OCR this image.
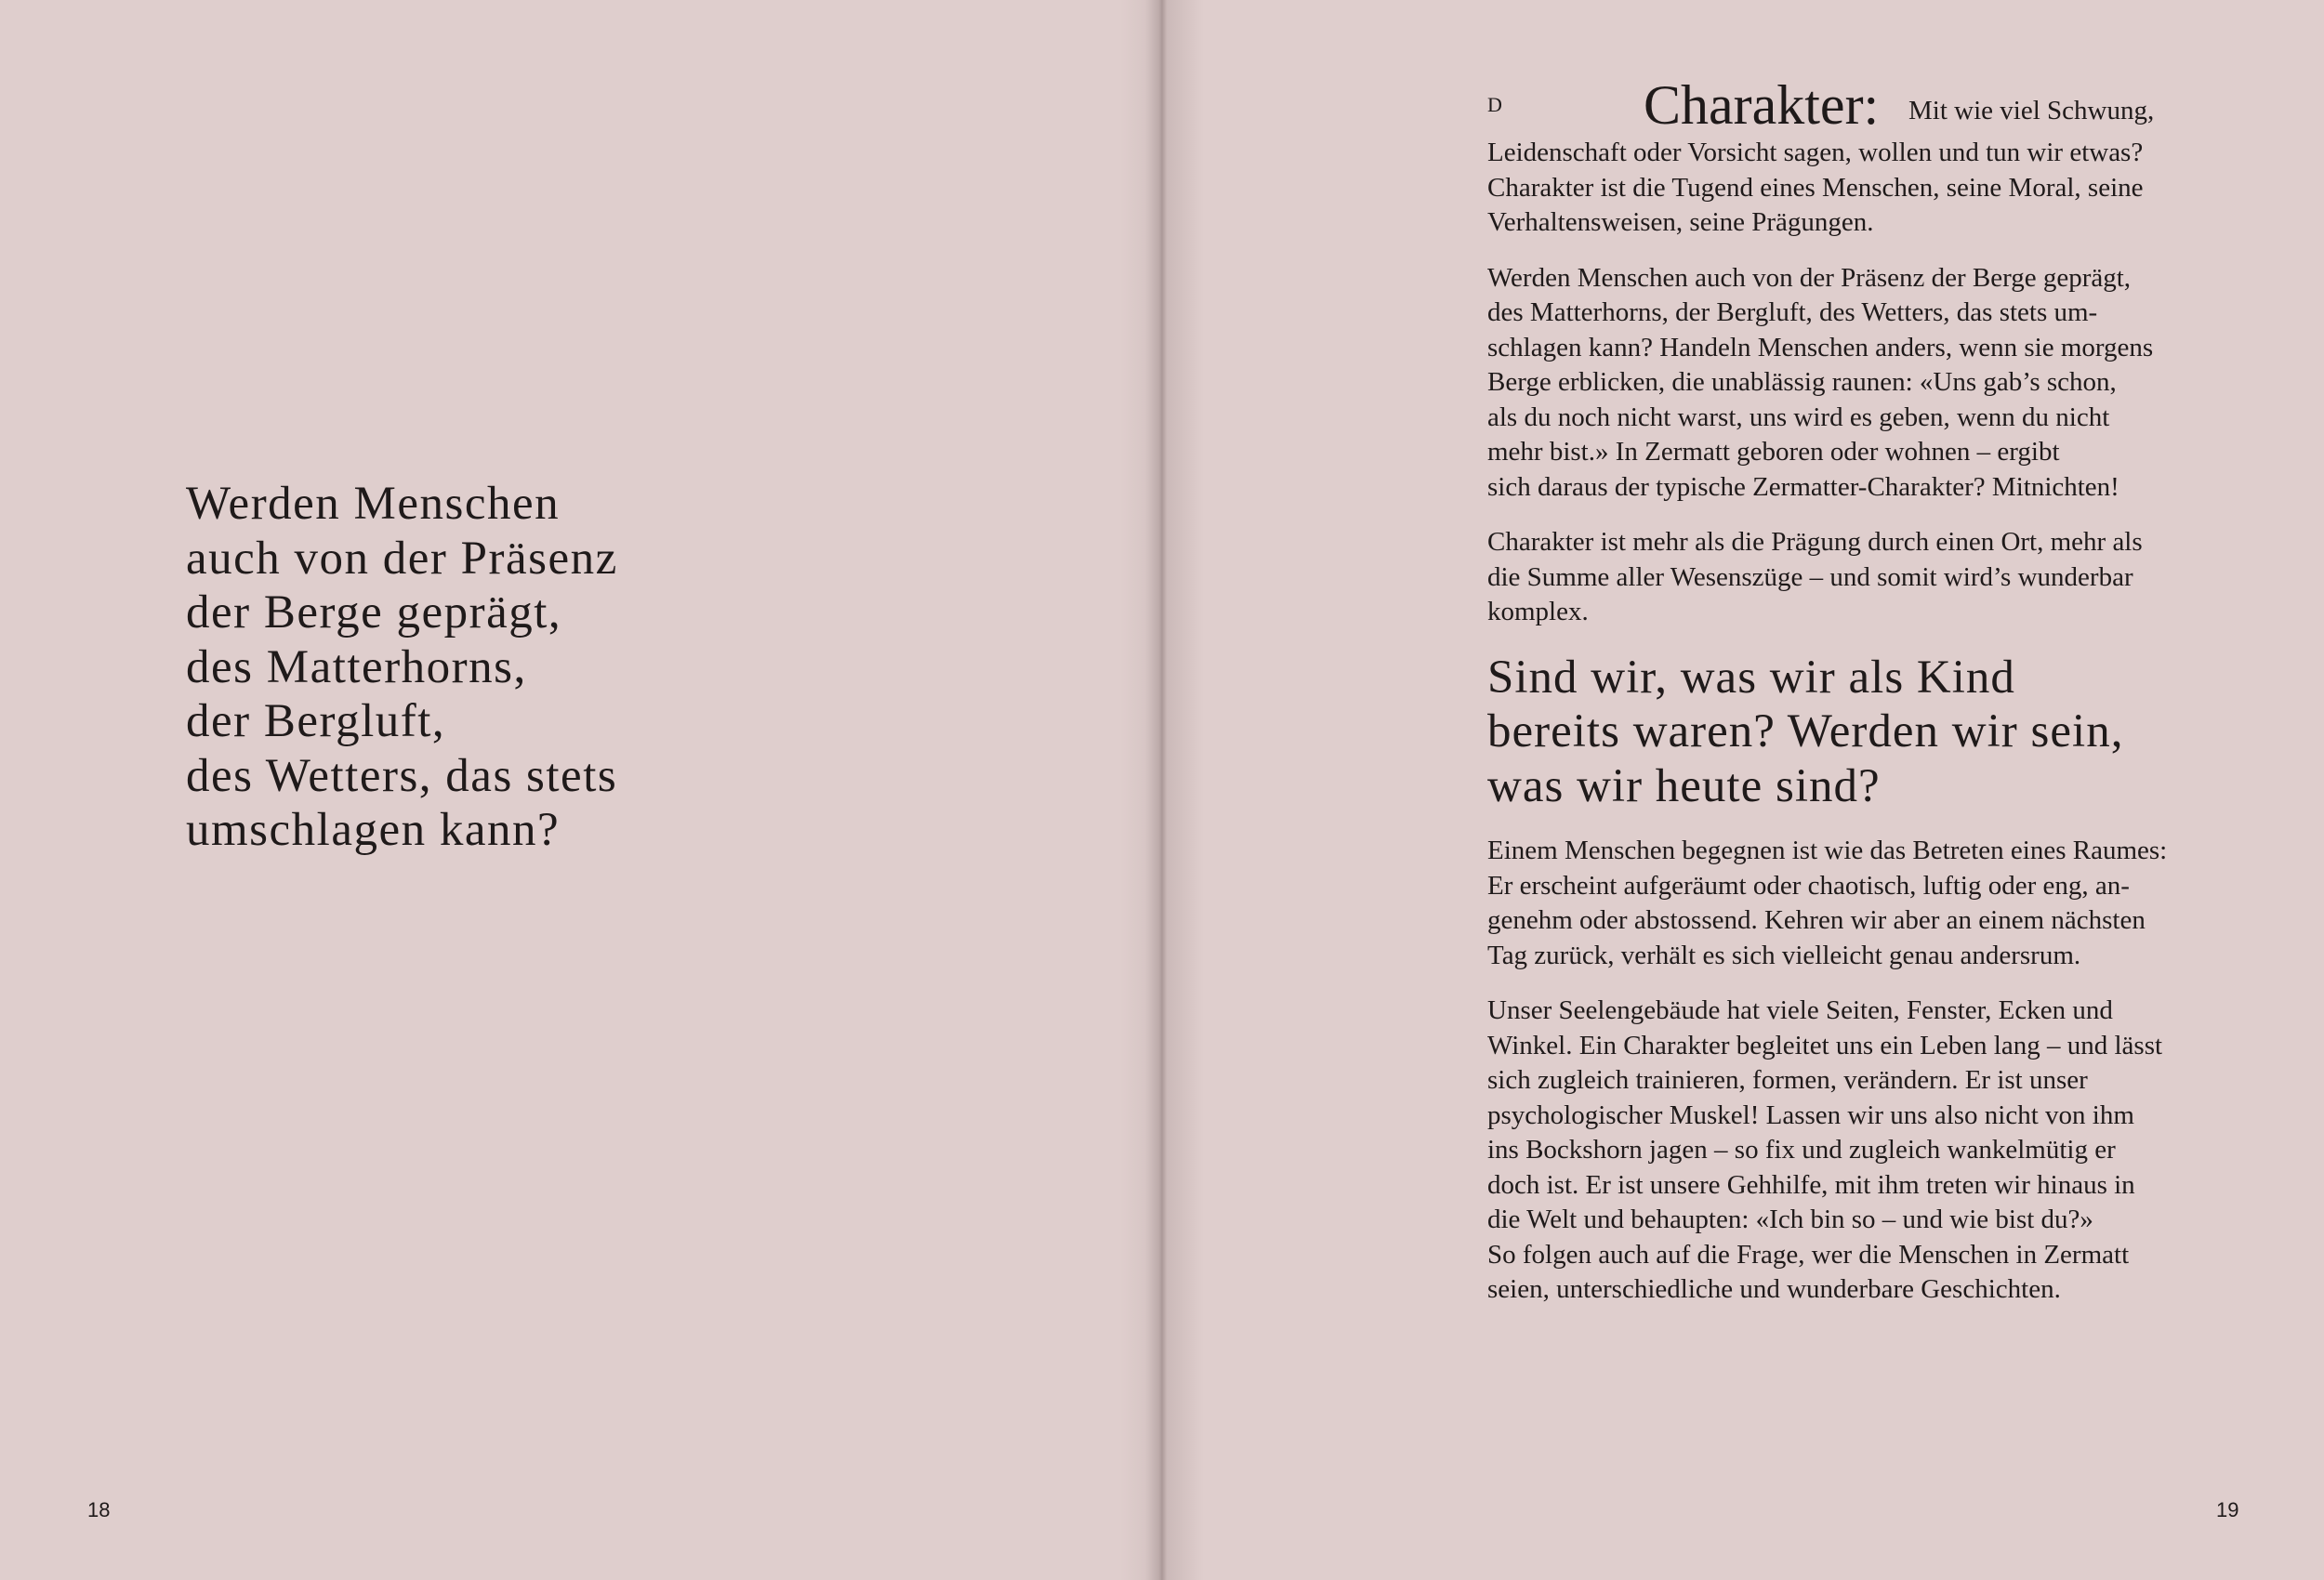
Werden Menschen
auch von der Präsenz
der Berge geprägt,
des Matterhorns,
der Bergluft,
des Wetters, das stets
umschlagen kann?
18	19
D	Charakter: Mit wie viel Schwung,
Leidenschaft oder Vorsicht sagen, wollen und tun wir etwas?
Charakter ist die Tugend eines Menschen, seine Moral, seine
Verhaltensweisen, seine Prägungen.
Werden Menschen auch von der Präsenz der Berge geprägt,
des Matterhorns, der Bergluft, des Wetters, das stets um-
schlagen kann? Handeln Menschen anders, wenn sie morgens
Berge erblicken, die unablässig raunen: «Uns gab’s schon,
als du noch nicht warst, uns wird es geben, wenn du nicht
mehr bist.» In Zermatt geboren oder wohnen – ergibt
sich daraus der typische Zermatter-Charakter? Mitnichten!
Charakter ist mehr als die Prägung durch einen Ort, mehr als
die Summe aller Wesenszüge – und somit wird’s wunderbar
komplex.
Sind wir, was wir als Kind
bereits waren? Werden wir sein,
was wir heute sind?
Einem Menschen begegnen ist wie das Betreten eines Raumes:
Er erscheint aufgeräumt oder chaotisch, luftig oder eng, an-
genehm oder abstossend. Kehren wir aber an einem nächsten
Tag zurück, verhält es sich vielleicht genau andersrum.
Unser Seelengebäude hat viele Seiten, Fenster, Ecken und
Winkel. Ein Charakter begleitet uns ein Leben lang – und lässt
sich zugleich trainieren, formen, verändern. Er ist unser
psychologischer Muskel! Lassen wir uns also nicht von ihm
ins Bockshorn jagen – so fix und zugleich wankelmütig er
doch ist. Er ist unsere Gehhilfe, mit ihm treten wir hinaus in
die Welt und behaupten: «Ich bin so – und wie bist du?»
So folgen auch auf die Frage, wer die Menschen in Zermatt
seien, unterschiedliche und wunderbare Geschichten.
